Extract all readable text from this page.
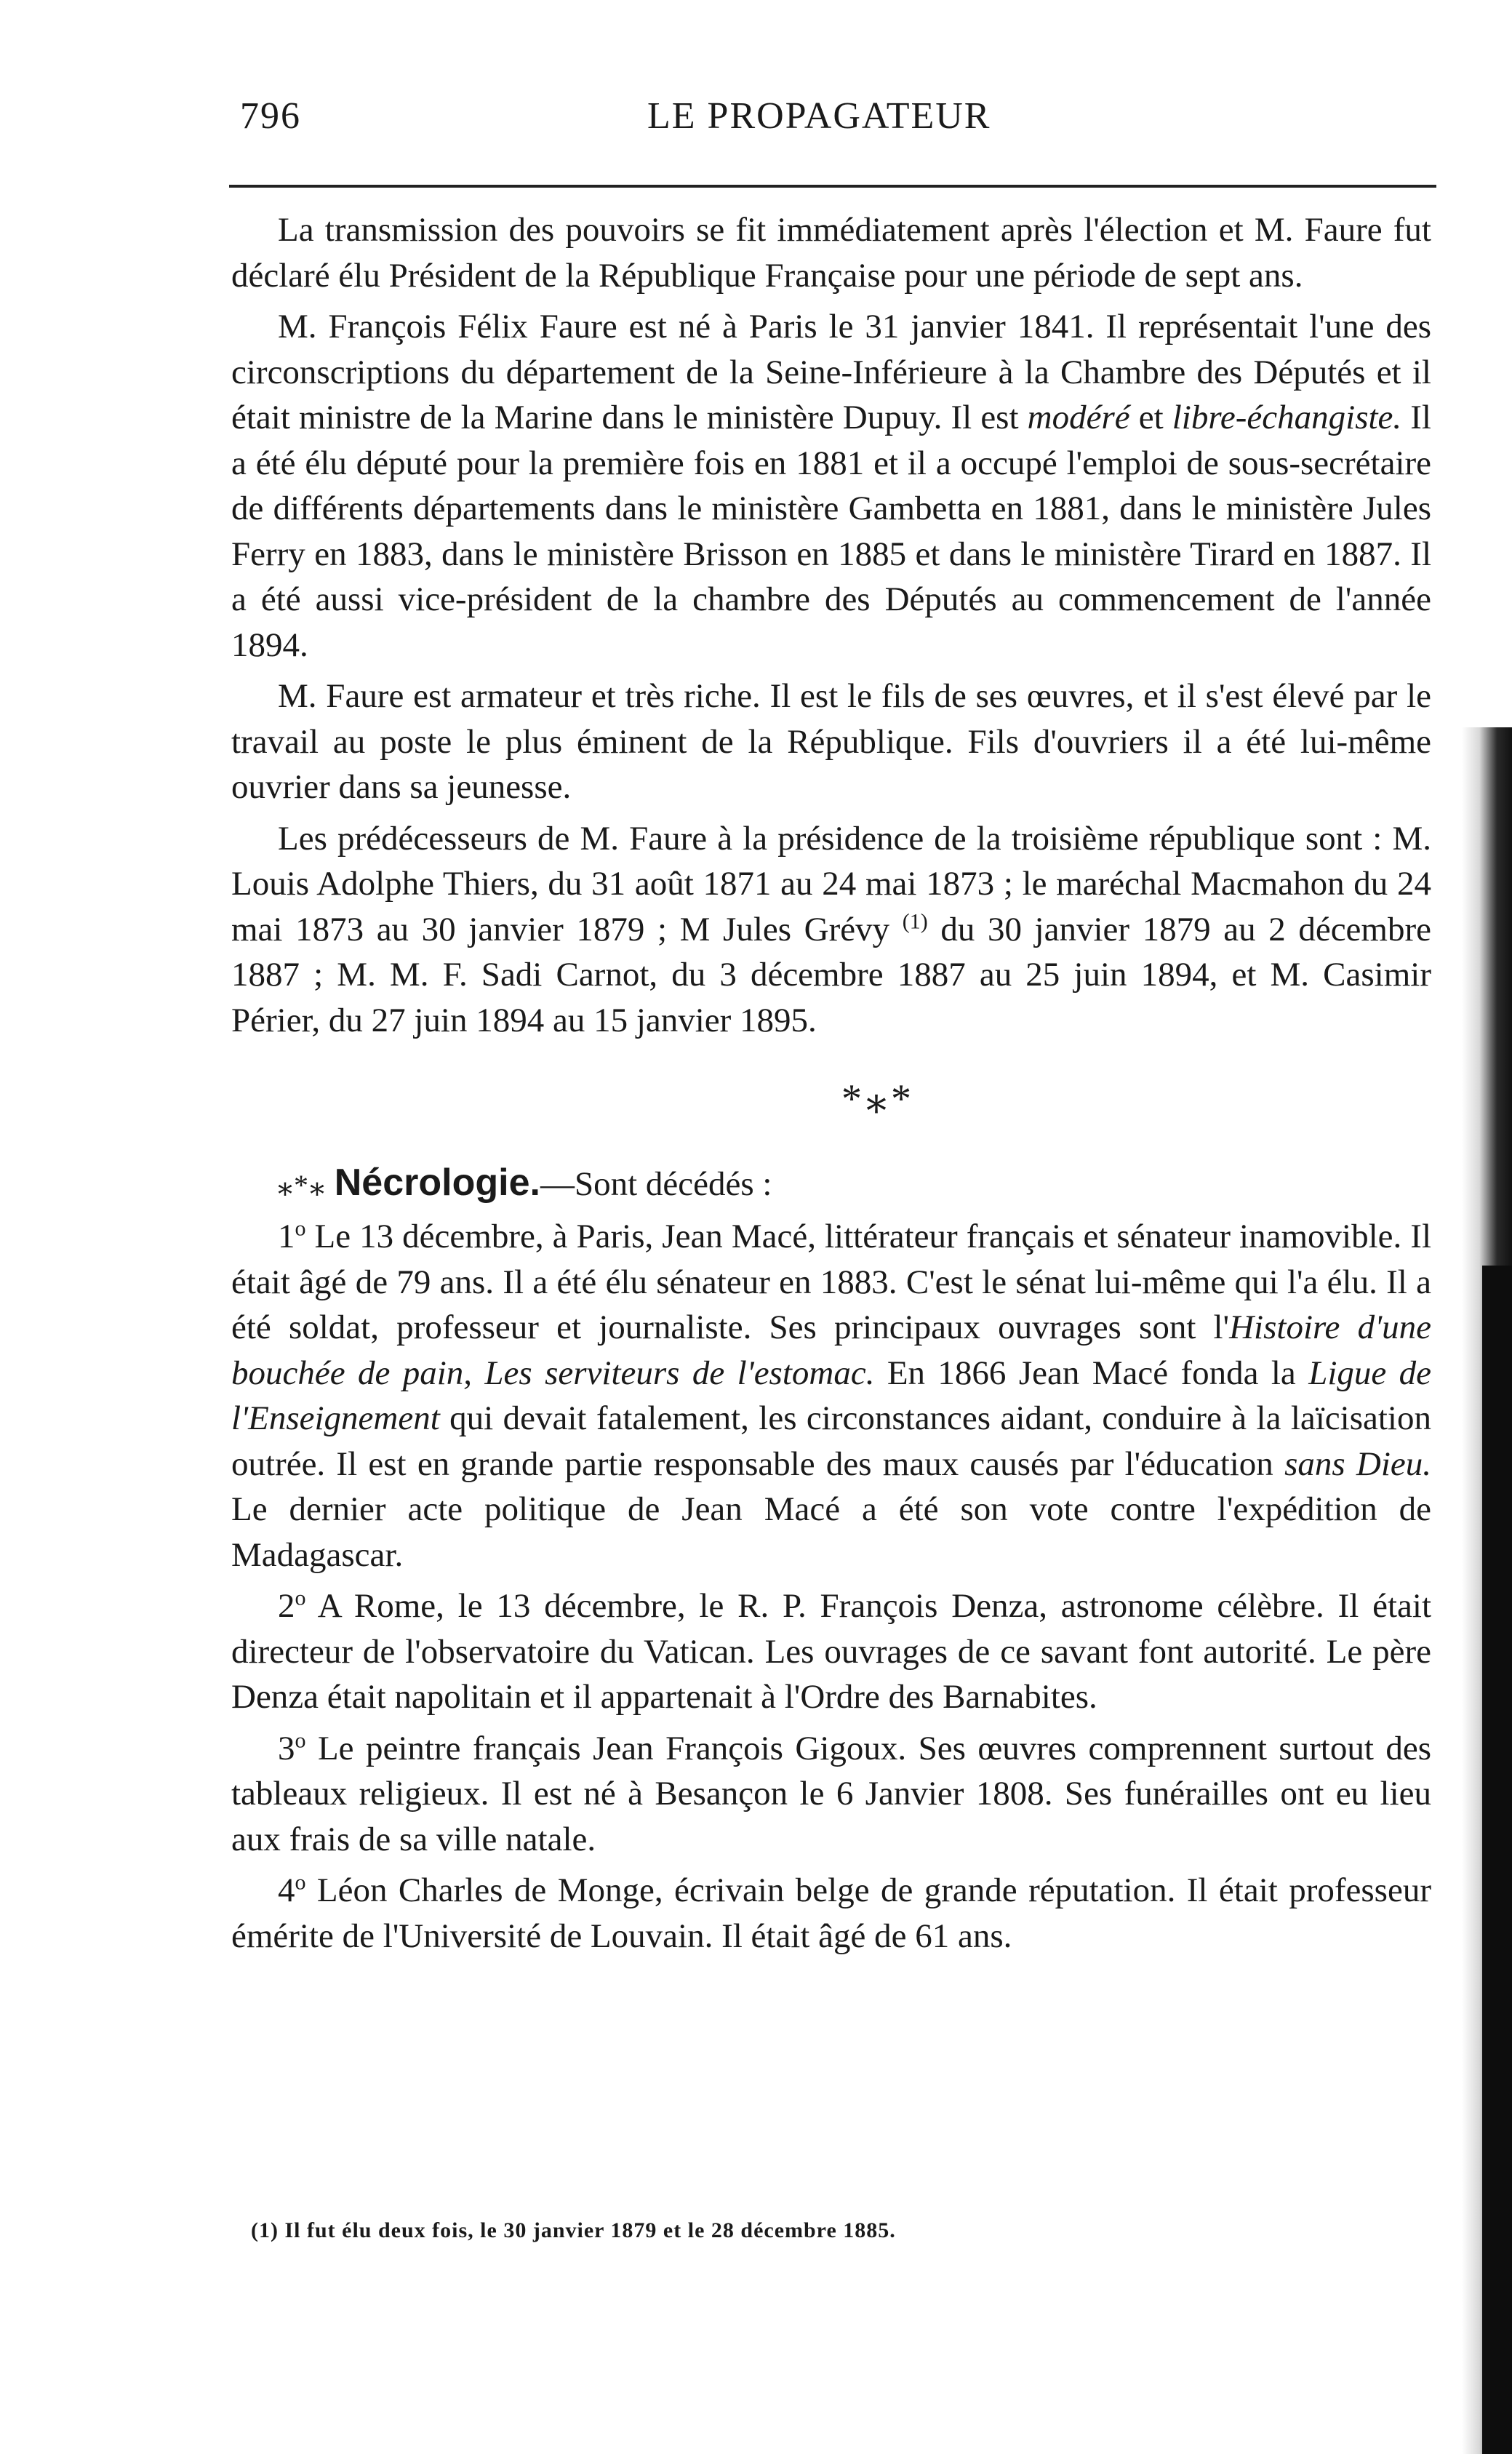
796	LE PROPAGATEUR

La transmission des pouvoirs se fit immédiatement après l'élection et M. Faure fut déclaré élu Président de la République Française pour une période de sept ans.

M. François Félix Faure est né à Paris le 31 janvier 1841. Il représentait l'une des circonscriptions du département de la Seine-Inférieure à la Chambre des Députés et il était ministre de la Marine dans le ministère Dupuy. Il est modéré et libre-échangiste. Il a été élu député pour la première fois en 1881 et il a occupé l'emploi de sous-secrétaire de différents départements dans le ministère Gambetta en 1881, dans le ministère Jules Ferry en 1883, dans le ministère Brisson en 1885 et dans le ministère Tirard en 1887. Il a été aussi vice-président de la chambre des Députés au commencement de l'année 1894.

M. Faure est armateur et très riche. Il est le fils de ses œuvres, et il s'est élevé par le travail au poste le plus éminent de la République. Fils d'ouvriers il a été lui-même ouvrier dans sa jeunesse.

Les prédécesseurs de M. Faure à la présidence de la troisième république sont : M. Louis Adolphe Thiers, du 31 août 1871 au 24 mai 1873 ; le maréchal Macmahon du 24 mai 1873 au 30 janvier 1879 ; M Jules Grévy $^{(1)}$ du 30 janvier 1879 au 2 décembre 1887 ; M. M. F. Sadi Carnot, du 3 décembre 1887 au 25 juin 1894, et M. Casimir Périer, du 27 juin 1894 au 15 janvier 1895.

*⁎*

⁎*⁎ Nécrologie.—Sont décédés :

1$^o$ Le 13 décembre, à Paris, Jean Macé, littérateur français et sénateur inamovible. Il était âgé de 79 ans. Il a été élu sénateur en 1883. C'est le sénat lui-même qui l'a élu. Il a été soldat, professeur et journaliste. Ses principaux ouvrages sont l'Histoire d'une bouchée de pain, Les serviteurs de l'estomac. En 1866 Jean Macé fonda la Ligue de l'Enseignement qui devait fatalement, les circonstances aidant, conduire à la laïcisation outrée. Il est en grande partie responsable des maux causés par l'éducation sans Dieu. Le dernier acte politique de Jean Macé a été son vote contre l'expédition de Madagascar.

2$^o$ A Rome, le 13 décembre, le R. P. François Denza, astronome célèbre. Il était directeur de l'observatoire du Vatican. Les ouvrages de ce savant font autorité. Le père Denza était napolitain et il appartenait à l'Ordre des Barnabites.

3$^o$ Le peintre français Jean François Gigoux. Ses œuvres comprennent surtout des tableaux religieux. Il est né à Besançon le 6 Janvier 1808. Ses funérailles ont eu lieu aux frais de sa ville natale.

4$^o$ Léon Charles de Monge, écrivain belge de grande réputation. Il était professeur émérite de l'Université de Louvain. Il était âgé de 61 ans.

(1) Il fut élu deux fois, le 30 janvier 1879 et le 28 décembre 1885.
